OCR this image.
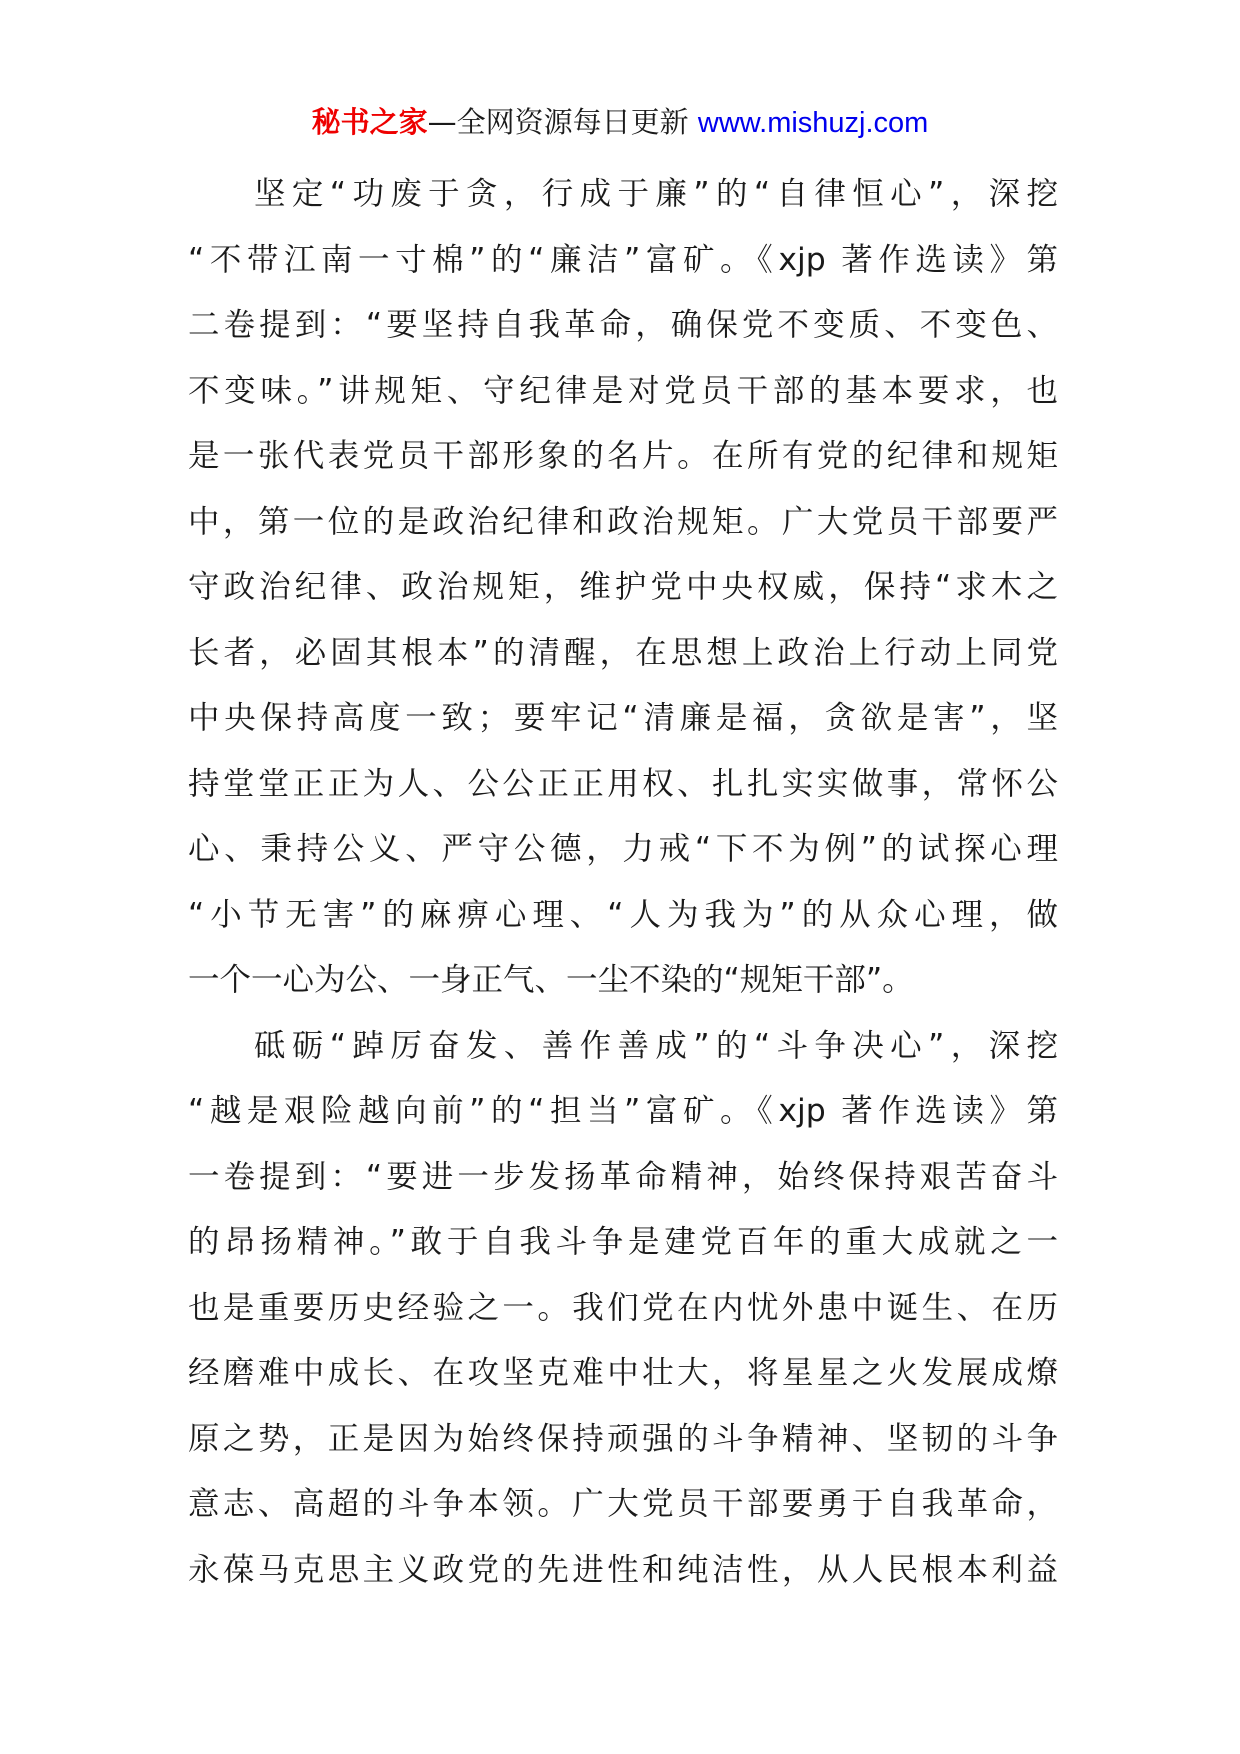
秘书之家—全网资源每日更新 www.mishuzj.com
坚定“功废于贪，行成于廉”的“自律恒心”，深挖
“不带江南一寸棉”的“廉洁”富矿。《xjp 著作选读》第
二卷提到：“要坚持自我革命，确保党不变质、不变色、
不变味。”讲规矩、守纪律是对党员干部的基本要求，也
是一张代表党员干部形象的名片。在所有党的纪律和规矩
中，第一位的是政治纪律和政治规矩。广大党员干部要严
守政治纪律、政治规矩，维护党中央权威，保持“求木之
长者，必固其根本”的清醒，在思想上政治上行动上同党
中央保持高度一致；要牢记“清廉是福，贪欲是害”，坚
持堂堂正正为人、公公正正用权、扎扎实实做事，常怀公
心、秉持公义、严守公德，力戒“下不为例”的试探心理
“小节无害”的麻痹心理、“人为我为”的从众心理，做
一个一心为公、一身正气、一尘不染的“规矩干部”。
砥砺“踔厉奋发、善作善成”的“斗争决心”，深挖
“越是艰险越向前”的“担当”富矿。《xjp 著作选读》第
一卷提到：“要进一步发扬革命精神，始终保持艰苦奋斗
的昂扬精神。”敢于自我斗争是建党百年的重大成就之一
也是重要历史经验之一。我们党在内忧外患中诞生、在历
经磨难中成长、在攻坚克难中壮大，将星星之火发展成燎
原之势，正是因为始终保持顽强的斗争精神、坚韧的斗争
意志、高超的斗争本领。广大党员干部要勇于自我革命，
永葆马克思主义政党的先进性和纯洁性，从人民根本利益
